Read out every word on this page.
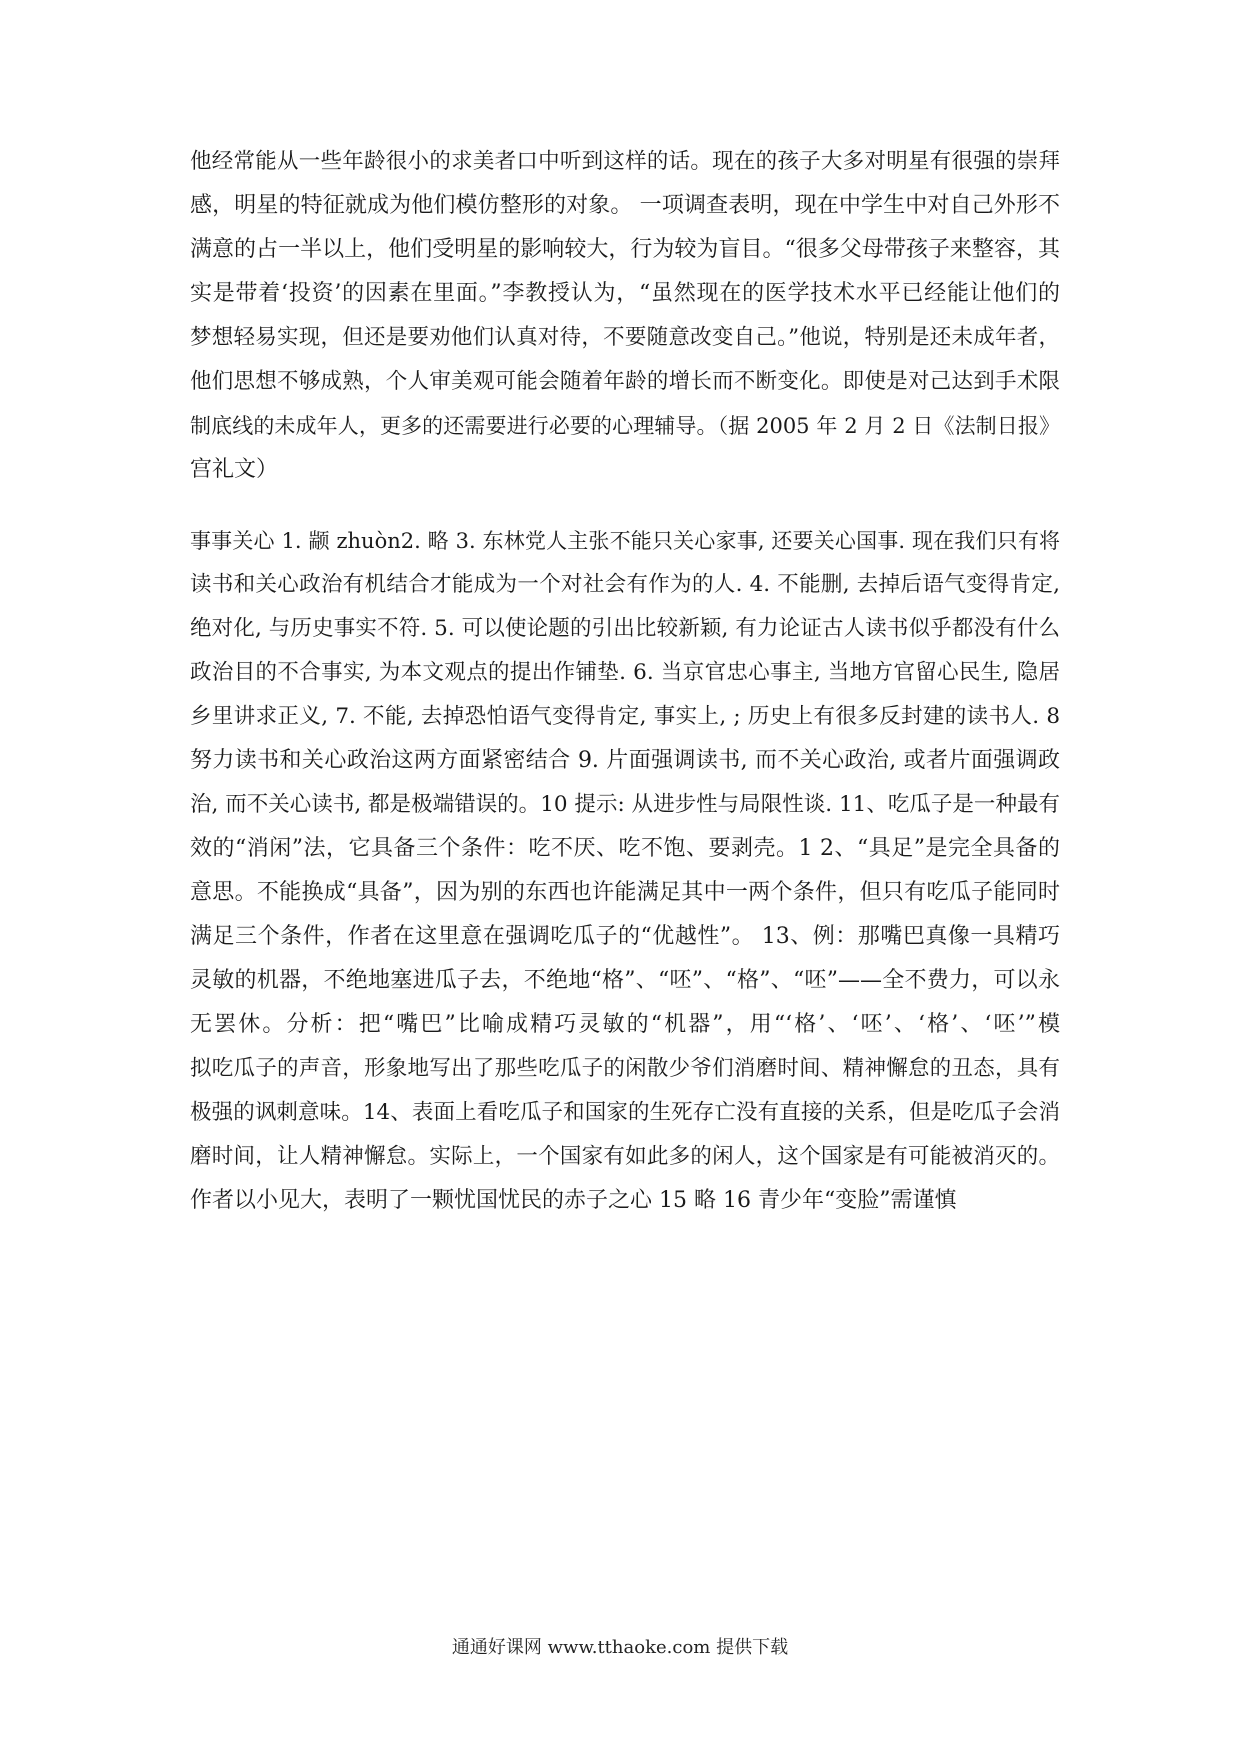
他经常能从一些年龄很小的求美者口中听到这样的话。现在的孩子大多对明星有很强的崇拜
感，明星的特征就成为他们模仿整形的对象。 一项调查表明，现在中学生中对自己外形不
满意的占一半以上，他们受明星的影响较大，行为较为盲目。“很多父母带孩子来整容，其
实是带着‘投资’的因素在里面。”李教授认为，“虽然现在的医学技术水平已经能让他们的
梦想轻易实现，但还是要劝他们认真对待，不要随意改变自己。”他说，特别是还未成年者，
他们思想不够成熟，个人审美观可能会随着年龄的增长而不断变化。即使是对己达到手术限
制底线的未成年人，更多的还需要进行必要的心理辅导。（据 2005 年 2 月 2 日《法制日报》
宫礼文）
事事关心 1. 颛 zhuòn2. 略 3. 东林党人主张不能只关心家事, 还要关心国事. 现在我们只有将
读书和关心政治有机结合才能成为一个对社会有作为的人. 4. 不能删, 去掉后语气变得肯定,
绝对化, 与历史事实不符. 5. 可以使论题的引出比较新颖, 有力论证古人读书似乎都没有什么
政治目的不合事实, 为本文观点的提出作铺垫. 6. 当京官忠心事主, 当地方官留心民生, 隐居
乡里讲求正义, 7. 不能, 去掉恐怕语气变得肯定, 事实上, ; 历史上有很多反封建的读书人. 8
努力读书和关心政治这两方面紧密结合 9. 片面强调读书, 而不关心政治, 或者片面强调政
治, 而不关心读书, 都是极端错误的。10 提示: 从进步性与局限性谈. 11、吃瓜子是一种最有
效的“消闲”法，它具备三个条件：吃不厌、吃不饱、要剥壳。1 2、“具足”是完全具备的
意思。不能换成“具备”，因为别的东西也许能满足其中一两个条件，但只有吃瓜子能同时
满足三个条件，作者在这里意在强调吃瓜子的“优越性”。 13、例：那嘴巴真像一具精巧
灵敏的机器，不绝地塞进瓜子去，不绝地“格”、“呸”、“格”、“呸”——全不费力，可以永
无罢休。分析：把“嘴巴”比喻成精巧灵敏的“机器”，用“‘格’、‘呸’、‘格’、‘呸’”模
拟吃瓜子的声音，形象地写出了那些吃瓜子的闲散少爷们消磨时间、精神懈怠的丑态，具有
极强的讽刺意味。14、表面上看吃瓜子和国家的生死存亡没有直接的关系，但是吃瓜子会消
磨时间，让人精神懈怠。实际上，一个国家有如此多的闲人，这个国家是有可能被消灭的。
作者以小见大，表明了一颗忧国忧民的赤子之心 15 略 16 青少年“变脸”需谨慎
通通好课网 www.tthaoke.com 提供下载
